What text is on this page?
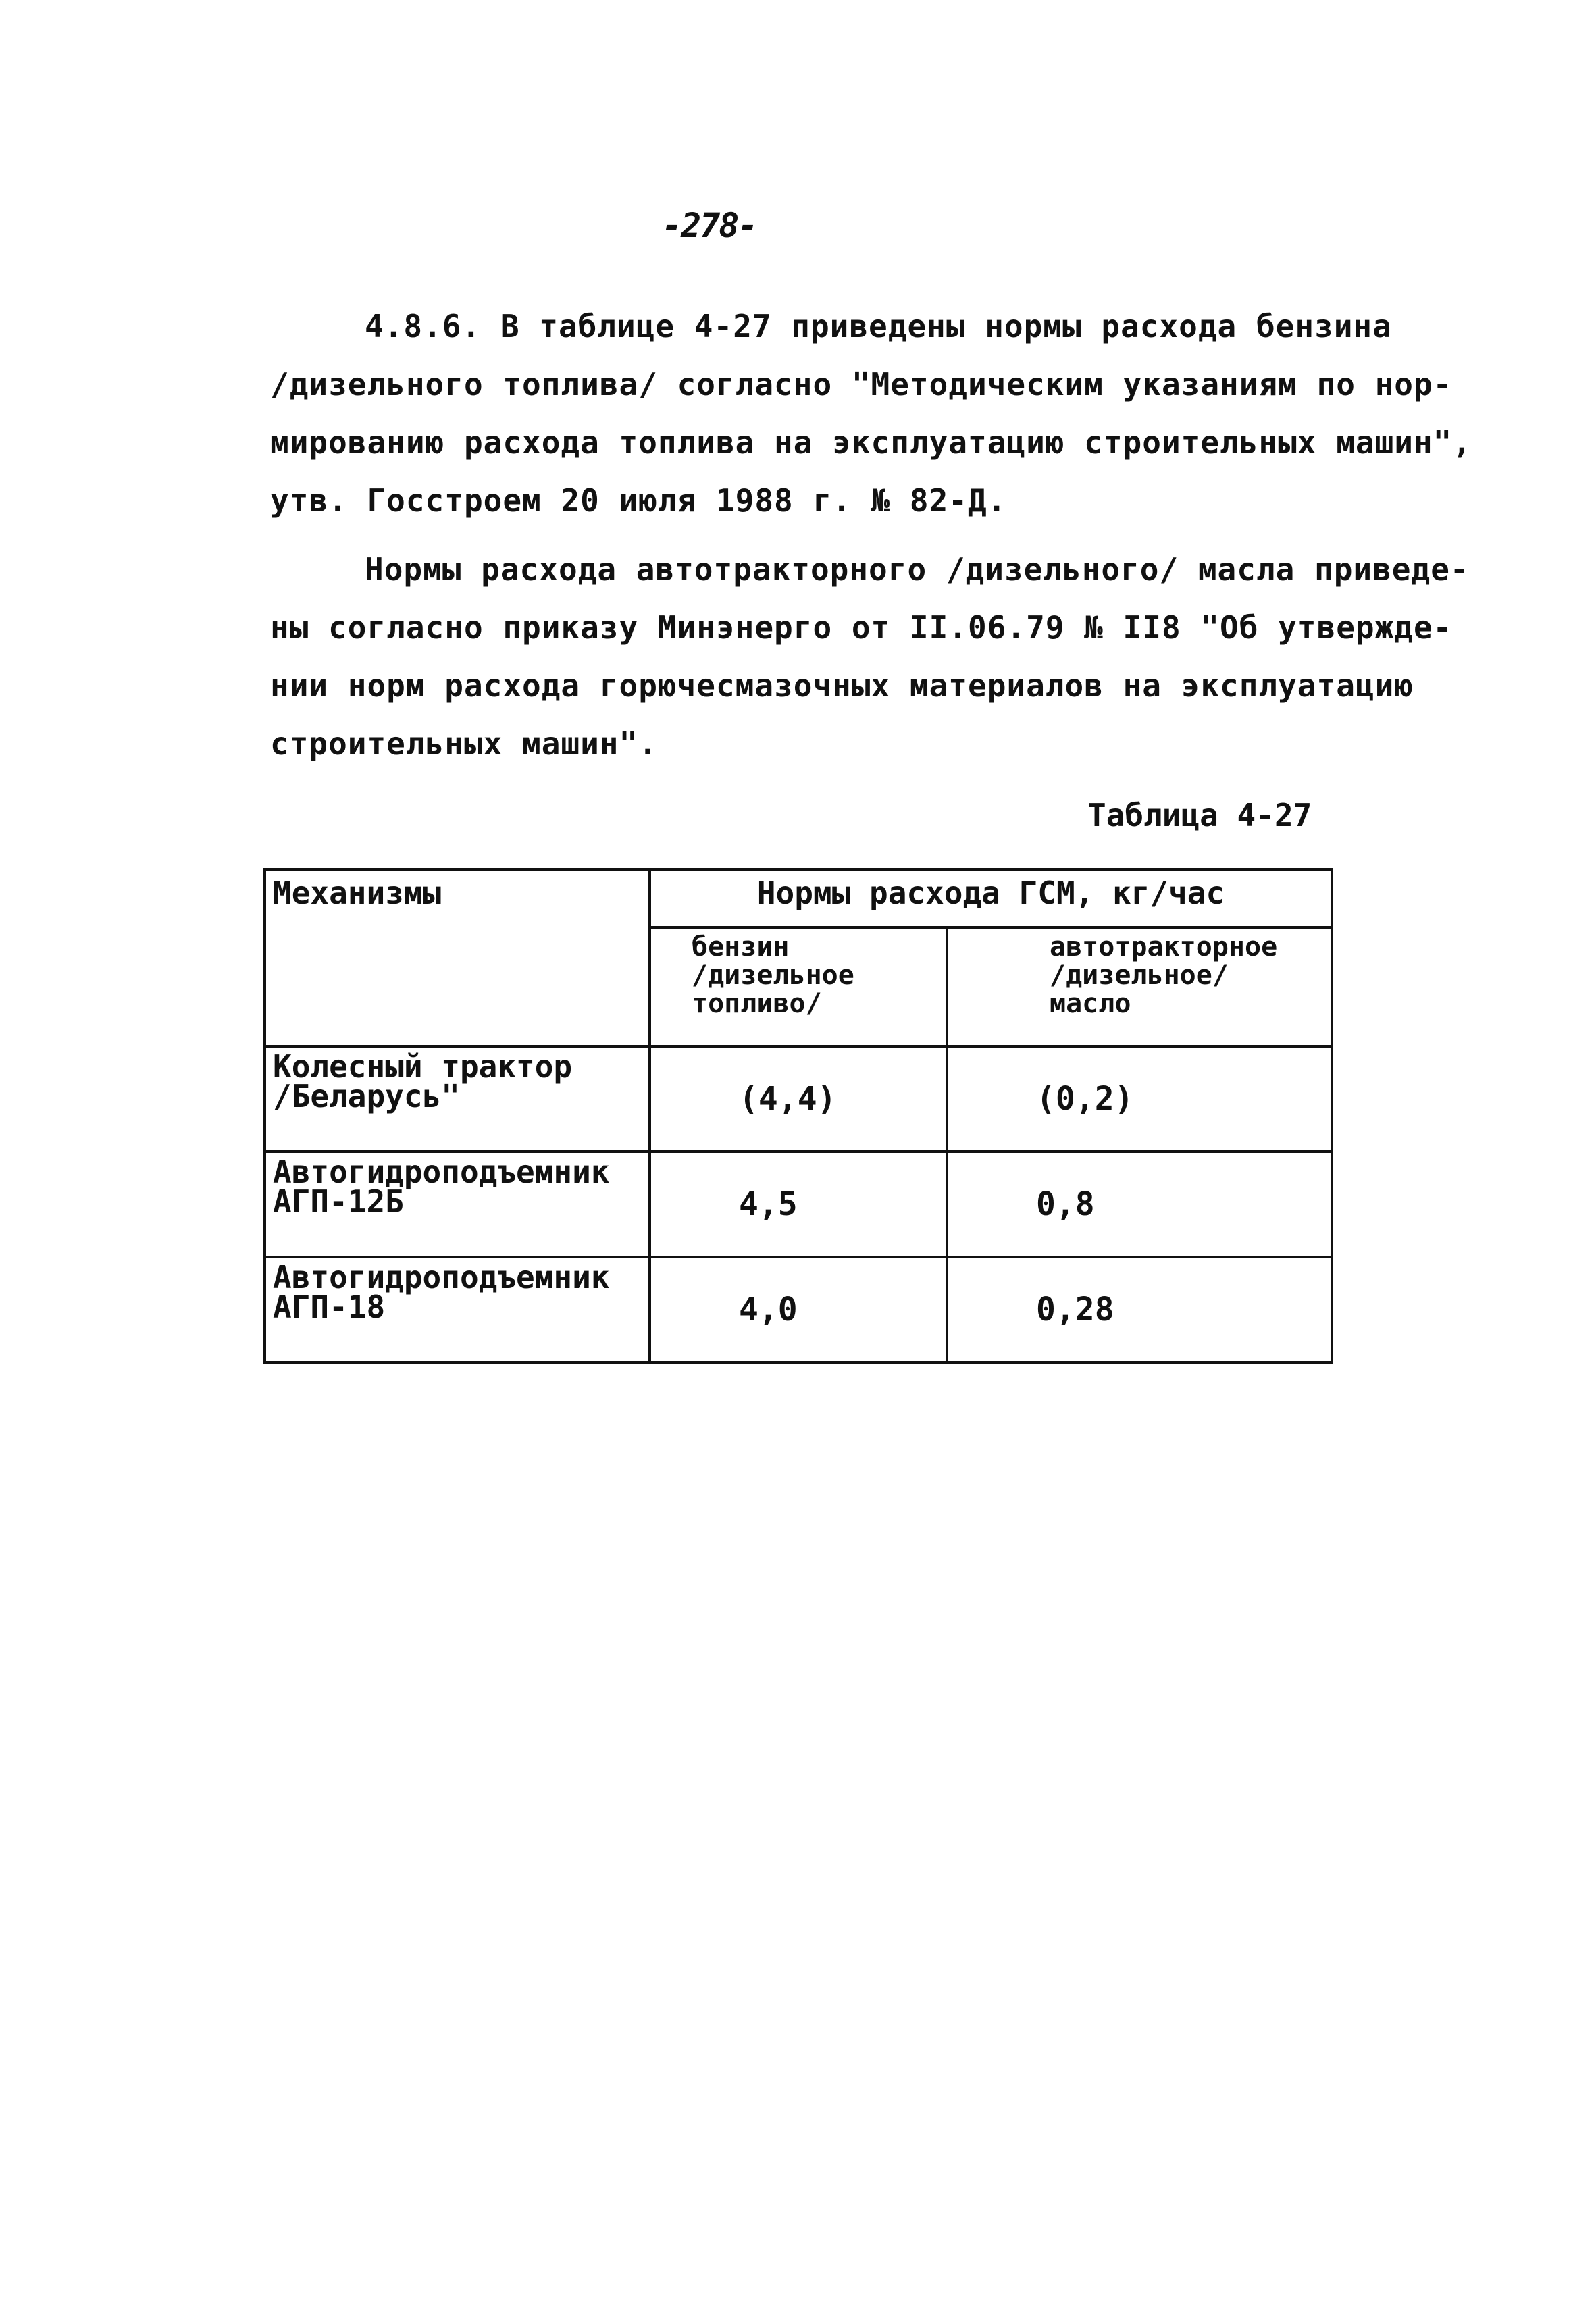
-278-
4.8.6. В таблице 4-27 приведены нормы расхода бензина
/дизельного топлива/ согласно "Методическим указаниям по нор-
мированию расхода топлива на эксплуатацию строительных машин",
утв. Госстроем 20 июля 1988 г. № 82-Д.
Нормы расхода автотракторного /дизельного/ масла приведе-
ны согласно приказу Минэнерго от II.06.79 № II8 "Об утвержде-
нии норм расхода горючесмазочных материалов на эксплуатацию
строительных машин".
Таблица 4-27
Механизмы	Нормы расхода ГСМ, кг/час	

	бензин
/дизельное
топливо/	автотракторное
/дизельное/
масло

Колесный трактор
/Беларусь"	(4,4)	(0,2)

Автогидроподъемник
АГП-12Б	4,5	0,8

Автогидроподъемник
АГП-18	4,0	0,28
